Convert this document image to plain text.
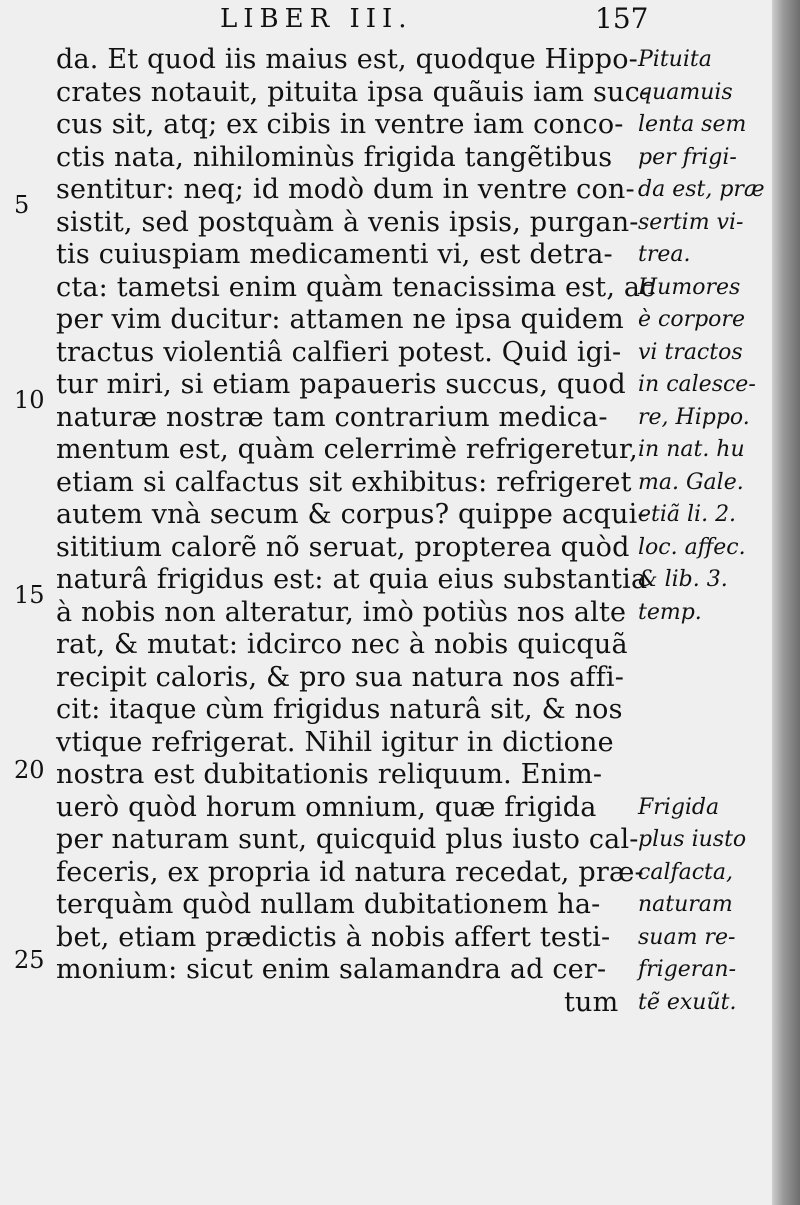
LIBER III.	157
5
10
15
20
25
da. Et quod iis maius est, quodque Hippo-
crates notauit, pituita ipsa quãuis iam suc-
cus sit, atq; ex cibis in ventre iam conco-
ctis nata, nihilominùs frigida tangẽtibus
sentitur: neq; id modò dum in ventre con-
sistit, sed postquàm à venis ipsis, purgan-
tis cuiuspiam medicamenti vi, est detra-
cta: tametsi enim quàm tenacissima est, ac
per vim ducitur: attamen ne ipsa quidem
tractus violentiâ calfieri potest. Quid igi-
tur miri, si etiam papaueris succus, quod
naturæ nostræ tam contrarium medica-
mentum est, quàm celerrimè refrigeretur,
etiam si calfactus sit exhibitus: refrigeret
autem vnà secum & corpus? quippe acqui-
sititium calorẽ nõ seruat, propterea quòd
naturâ frigidus est: at quia eius substantia
à nobis non alteratur, imò potiùs nos alte
rat, & mutat: idcirco nec à nobis quicquã
recipit caloris, & pro sua natura nos affi-
cit: itaque cùm frigidus naturâ sit, & nos
vtique refrigerat. Nihil igitur in dictione
nostra est dubitationis reliquum. Enim-
uerò quòd horum omnium, quæ frigida
per naturam sunt, quicquid plus iusto cal-
feceris, ex propria id natura recedat, præ-
terquàm quòd nullam dubitationem ha-
bet, etiam prædictis à nobis affert testi-
monium: sicut enim salamandra ad cer-
tum
Pituita
quamuis
lenta sem
per frigi-
da est, præ
sertim vi-
trea.
Humores
è corpore
vi tractos
in calesce-
re, Hippo.
in nat. hu
ma. Gale.
etiã li. 2.
loc. affec.
& lib. 3.
temp.
Frigida
plus iusto
calfacta,
naturam
suam re-
frigeran-
tẽ exuũt.
